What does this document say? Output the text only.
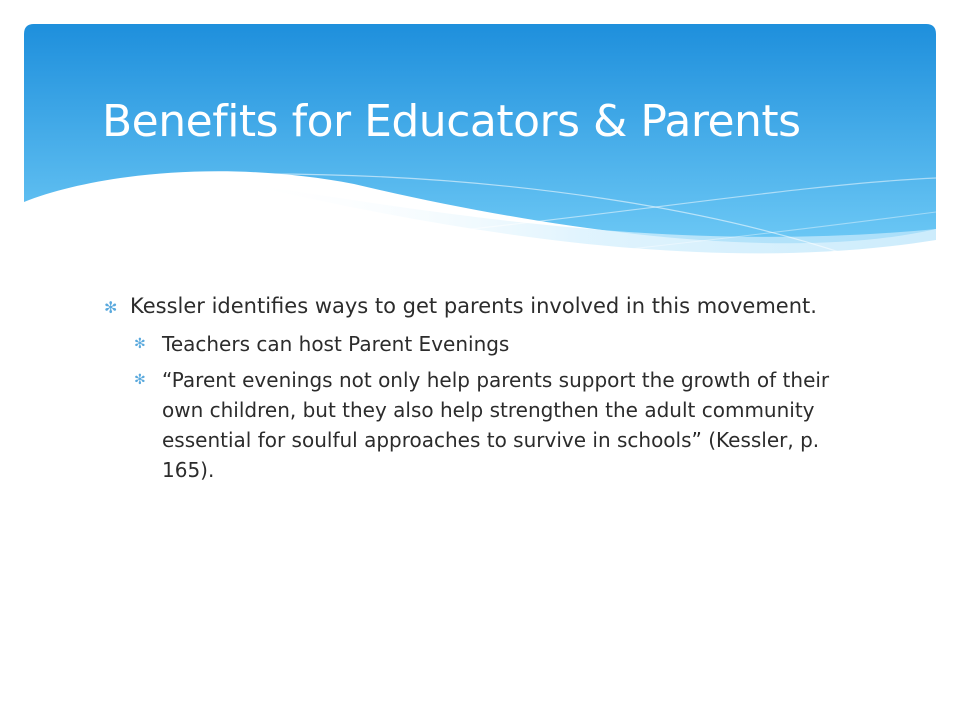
Benefits for Educators & Parents
✻ Kessler identifies ways to get parents involved in this movement.
✻ Teachers can host Parent Evenings
✻ “Parent evenings not only help parents support the growth of their own children, but they also help strengthen the adult community essential for soulful approaches to survive in schools” (Kessler, p. 165).
